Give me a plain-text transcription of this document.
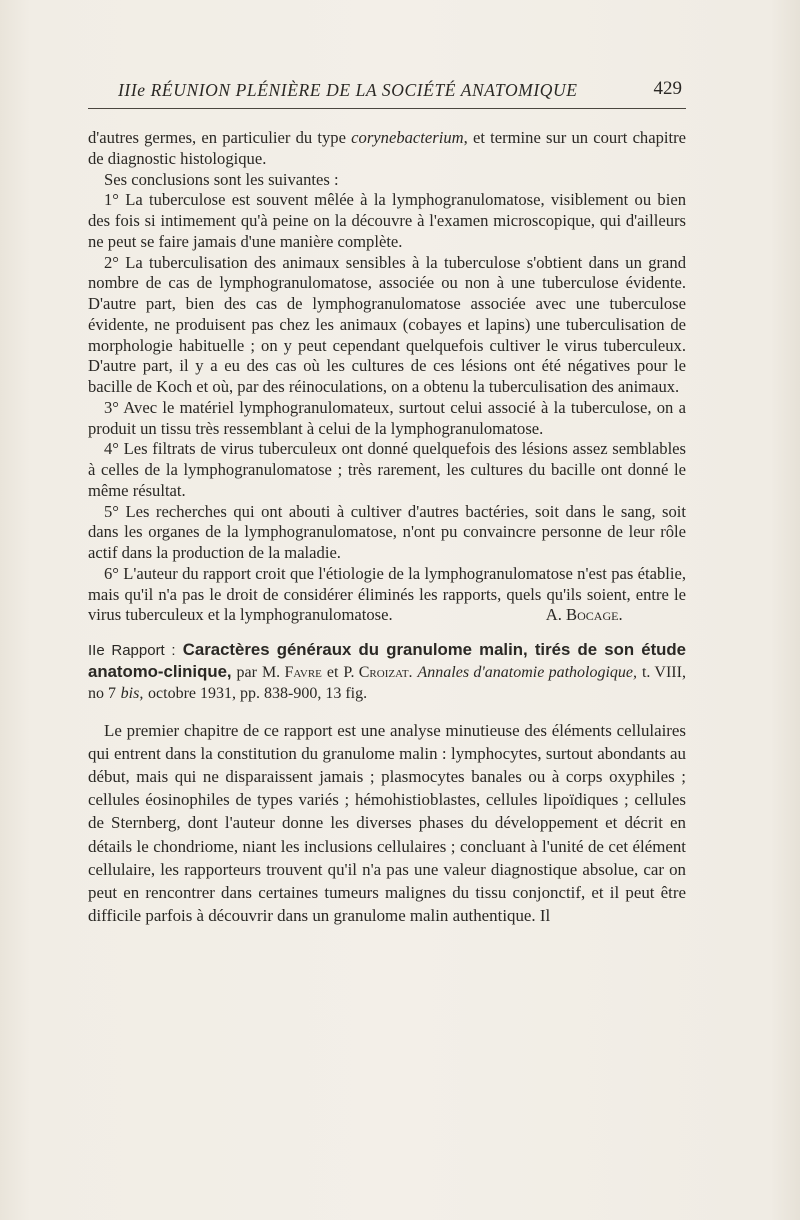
IIIe RÉUNION PLÉNIÈRE DE LA SOCIÉTÉ ANATOMIQUE	429

d'autres germes, en particulier du type corynebacterium, et termine sur un court chapitre de diagnostic histologique.

Ses conclusions sont les suivantes :

1° La tuberculose est souvent mêlée à la lymphogranulomatose, visiblement ou bien des fois si intimement qu'à peine on la découvre à l'examen microscopique, qui d'ailleurs ne peut se faire jamais d'une manière complète.

2° La tuberculisation des animaux sensibles à la tuberculose s'obtient dans un grand nombre de cas de lymphogranulomatose, associée ou non à une tuberculose évidente. D'autre part, bien des cas de lymphogranulomatose associée avec une tuberculose évidente, ne produisent pas chez les animaux (cobayes et lapins) une tuberculisation de morphologie habituelle ; on y peut cependant quelquefois cultiver le virus tuberculeux. D'autre part, il y a eu des cas où les cultures de ces lésions ont été négatives pour le bacille de Koch et où, par des réinoculations, on a obtenu la tuberculisation des animaux.

3° Avec le matériel lymphogranulomateux, surtout celui associé à la tuberculose, on a produit un tissu très ressemblant à celui de la lymphogranulomatose.

4° Les filtrats de virus tuberculeux ont donné quelquefois des lésions assez semblables à celles de la lymphogranulomatose ; très rarement, les cultures du bacille ont donné le même résultat.

5° Les recherches qui ont abouti à cultiver d'autres bactéries, soit dans le sang, soit dans les organes de la lymphogranulomatose, n'ont pu convaincre personne de leur rôle actif dans la production de la maladie.

6° L'auteur du rapport croit que l'étiologie de la lymphogranulomatose n'est pas établie, mais qu'il n'a pas le droit de considérer éliminés les rapports, quels qu'ils soient, entre le virus tuberculeux et la lymphogranulomatose.	A. Bocage.

IIe Rapport : Caractères généraux du granulome malin, tirés de son étude anatomo-clinique, par M. Favre et P. Croizat. Annales d'anatomie pathologique, t. VIII, no 7 bis, octobre 1931, pp. 838-900, 13 fig.

Le premier chapitre de ce rapport est une analyse minutieuse des éléments cellulaires qui entrent dans la constitution du granulome malin : lymphocytes, surtout abondants au début, mais qui ne disparaissent jamais ; plasmocytes banales ou à corps oxyphiles ; cellules éosinophiles de types variés ; hémohistioblastes, cellules lipoïdiques ; cellules de Sternberg, dont l'auteur donne les diverses phases du développement et décrit en détails le chondriome, niant les inclusions cellulaires ; concluant à l'unité de cet élément cellulaire, les rapporteurs trouvent qu'il n'a pas une valeur diagnostique absolue, car on peut en rencontrer dans certaines tumeurs malignes du tissu conjonctif, et il peut être difficile parfois à découvrir dans un granulome malin authentique. Il
